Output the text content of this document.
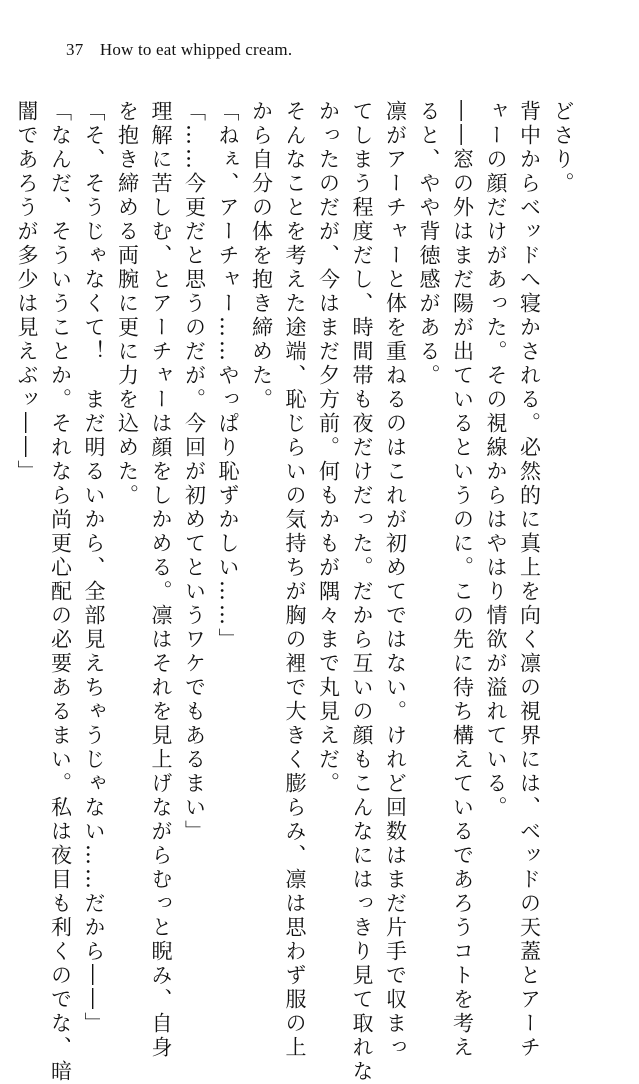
37 How to eat whipped cream.
どさり。
背中からベッドへ寝かされる。必然的に真上を向く凛の視界には、ベッドの天蓋とアーチ
ャーの顔だけがあった。その視線からはやはり情欲が溢れている。
――窓の外はまだ陽が出ているというのに。この先に待ち構えているであろうコトを考え
ると、やや背徳感がある。
凛がアーチャーと体を重ねるのはこれが初めてではない。けれど回数はまだ片手で収まっ
てしまう程度だし、時間帯も夜だけだった。だから互いの顔もこんなにはっきり見て取れな
かったのだが、今はまだ夕方前。何もかもが隅々まで丸見えだ。
そんなことを考えた途端、恥じらいの気持ちが胸の裡で大きく膨らみ、凛は思わず服の上
から自分の体を抱き締めた。
「ねぇ、アーチャー……やっぱり恥ずかしい……」
「……今更だと思うのだが。今回が初めてというワケでもあるまい」
理解に苦しむ、とアーチャーは顔をしかめる。凛はそれを見上げながらむっと睨み、自身
を抱き締める両腕に更に力を込めた。
「そ、そうじゃなくて！　まだ明るいから、全部見えちゃうじゃない……だから――」
「なんだ、そういうことか。それなら尚更心配の必要あるまい。私は夜目も利くのでな、暗
闇であろうが多少は見えぶッ――」
